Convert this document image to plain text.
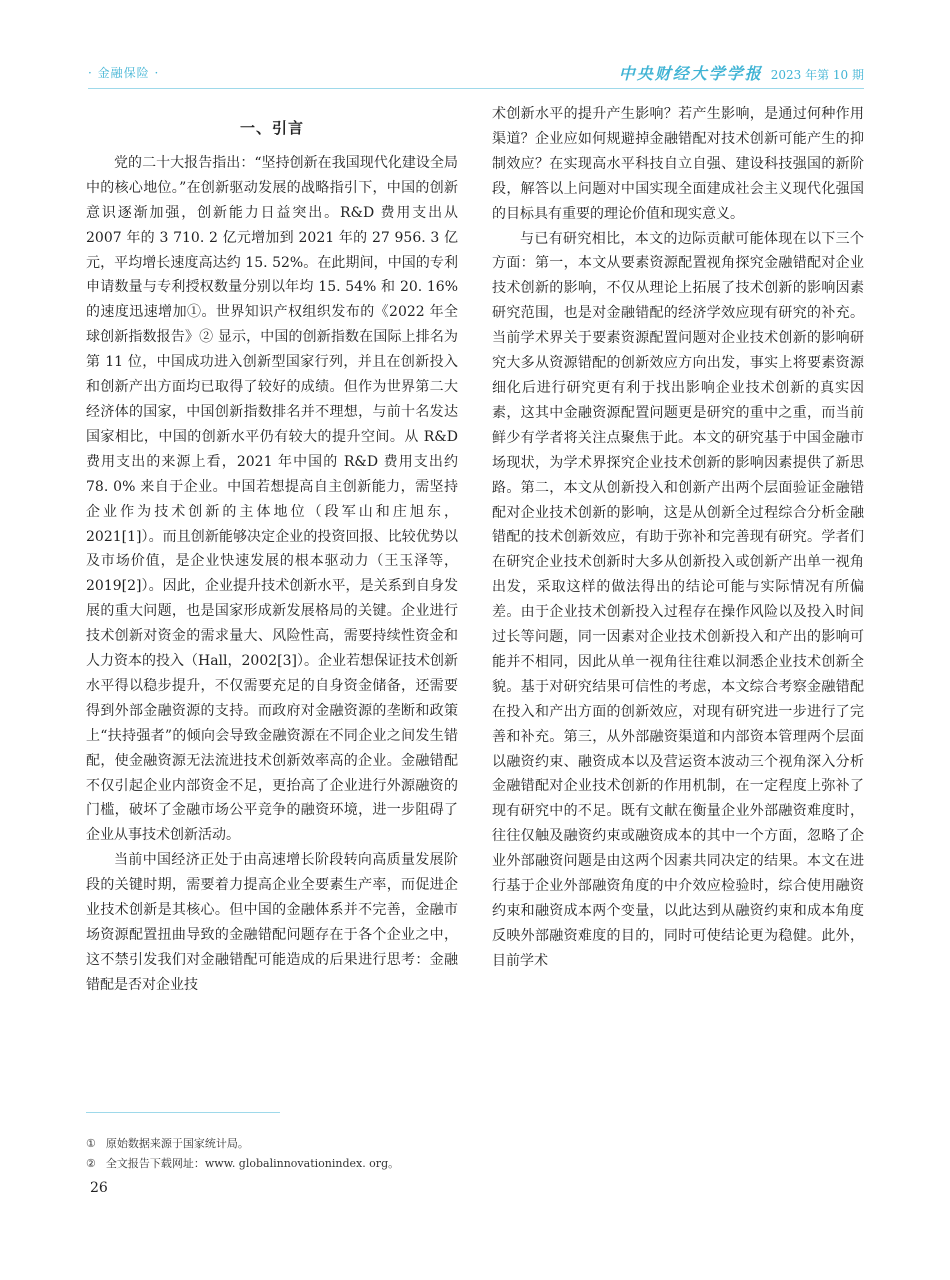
· 金融保险 ·	中央财经大学学报 2023 年第 10 期
一、引言

党的二十大报告指出：“坚持创新在我国现代化建设全局中的核心地位。”在创新驱动发展的战略指引下，中国的创新意识逐渐加强，创新能力日益突出。R&D 费用支出从 2007 年的 3 710. 2 亿元增加到 2021 年的 27 956. 3 亿元，平均增长速度高达约 15. 52%。在此期间，中国的专利申请数量与专利授权数量分别以年均 15. 54% 和 20. 16% 的速度迅速增加①。世界知识产权组织发布的《2022 年全球创新指数报告》② 显示，中国的创新指数在国际上排名为第 11 位，中国成功进入创新型国家行列，并且在创新投入和创新产出方面均已取得了较好的成绩。但作为世界第二大经济体的国家，中国创新指数排名并不理想，与前十名发达国家相比，中国的创新水平仍有较大的提升空间。从 R&D 费用支出的来源上看，2021 年中国的 R&D 费用支出约 78. 0% 来自于企业。中国若想提高自主创新能力，需坚持企业作为技术创新的主体地位（段军山和庄旭东，2021[1]）。而且创新能够决定企业的投资回报、比较优势以及市场价值，是企业快速发展的根本驱动力（王玉泽等，2019[2]）。因此，企业提升技术创新水平，是关系到自身发展的重大问题，也是国家形成新发展格局的关键。企业进行技术创新对资金的需求量大、风险性高，需要持续性资金和人力资本的投入（Hall，2002[3]）。企业若想保证技术创新水平得以稳步提升，不仅需要充足的自身资金储备，还需要得到外部金融资源的支持。而政府对金融资源的垄断和政策上“扶持强者”的倾向会导致金融资源在不同企业之间发生错配，使金融资源无法流进技术创新效率高的企业。金融错配不仅引起企业内部资金不足，更抬高了企业进行外源融资的门槛，破坏了金融市场公平竞争的融资环境，进一步阻碍了企业从事技术创新活动。

当前中国经济正处于由高速增长阶段转向高质量发展阶段的关键时期，需要着力提高企业全要素生产率，而促进企业技术创新是其核心。但中国的金融体系并不完善，金融市场资源配置扭曲导致的金融错配问题存在于各个企业之中，这不禁引发我们对金融错配可能造成的后果进行思考：金融错配是否对企业技

术创新水平的提升产生影响？若产生影响，是通过何种作用渠道？企业应如何规避掉金融错配对技术创新可能产生的抑制效应？在实现高水平科技自立自强、建设科技强国的新阶段，解答以上问题对中国实现全面建成社会主义现代化强国的目标具有重要的理论价值和现实意义。

与已有研究相比，本文的边际贡献可能体现在以下三个方面：第一，本文从要素资源配置视角探究金融错配对企业技术创新的影响，不仅从理论上拓展了技术创新的影响因素研究范围，也是对金融错配的经济学效应现有研究的补充。当前学术界关于要素资源配置问题对企业技术创新的影响研究大多从资源错配的创新效应方向出发，事实上将要素资源细化后进行研究更有利于找出影响企业技术创新的真实因素，这其中金融资源配置问题更是研究的重中之重，而当前鲜少有学者将关注点聚焦于此。本文的研究基于中国金融市场现状，为学术界探究企业技术创新的影响因素提供了新思路。第二，本文从创新投入和创新产出两个层面验证金融错配对企业技术创新的影响，这是从创新全过程综合分析金融错配的技术创新效应，有助于弥补和完善现有研究。学者们在研究企业技术创新时大多从创新投入或创新产出单一视角出发，采取这样的做法得出的结论可能与实际情况有所偏差。由于企业技术创新投入过程存在操作风险以及投入时间过长等问题，同一因素对企业技术创新投入和产出的影响可能并不相同，因此从单一视角往往难以洞悉企业技术创新全貌。基于对研究结果可信性的考虑，本文综合考察金融错配在投入和产出方面的创新效应，对现有研究进一步进行了完善和补充。第三，从外部融资渠道和内部资本管理两个层面以融资约束、融资成本以及营运资本波动三个视角深入分析金融错配对企业技术创新的作用机制，在一定程度上弥补了现有研究中的不足。既有文献在衡量企业外部融资难度时，往往仅触及融资约束或融资成本的其中一个方面，忽略了企业外部融资问题是由这两个因素共同决定的结果。本文在进行基于企业外部融资角度的中介效应检验时，综合使用融资约束和融资成本两个变量，以此达到从融资约束和成本角度反映外部融资难度的目的，同时可使结论更为稳健。此外，目前学术

① 原始数据来源于国家统计局。
② 全文报告下载网址：www. globalinnovationindex. org。
26
